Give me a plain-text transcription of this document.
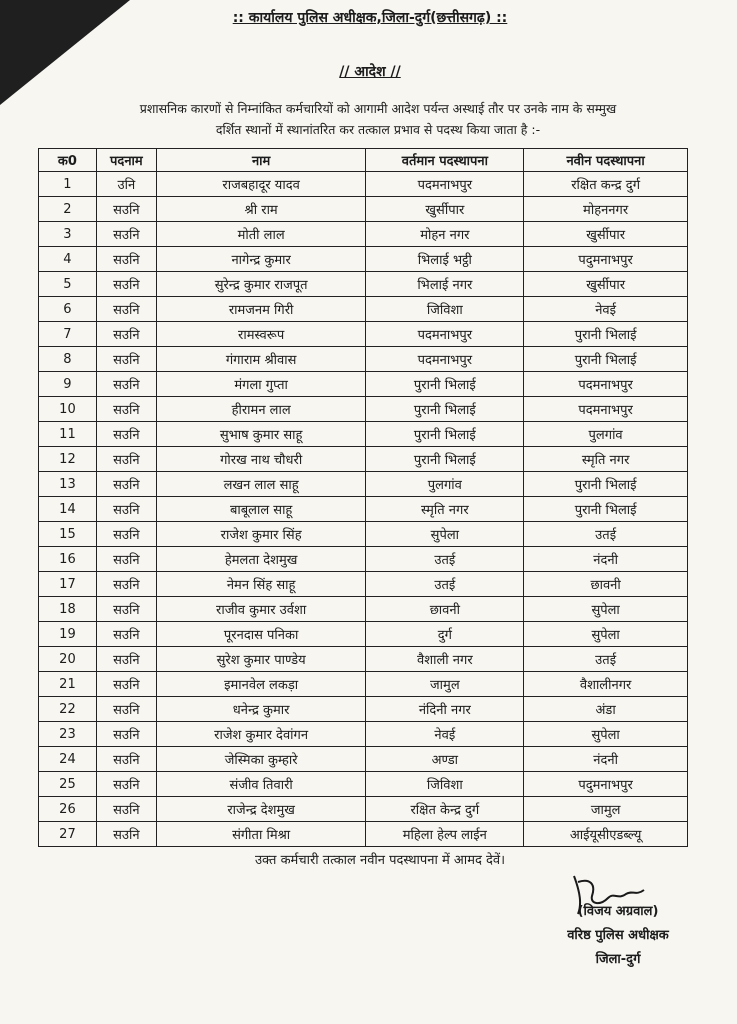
:: कार्यालय पुलिस अधीक्षक,जिला-दुर्ग(छत्तीसगढ़) ::
// आदेश //
प्रशासनिक कारणों से निम्नांकित कर्मचारियों को आगामी आदेश पर्यन्त अस्थाई तौर पर उनके नाम के सम्मुख
दर्शित स्थानों में स्थानांतरित कर तत्काल प्रभाव से पदस्थ किया जाता है :-
क0	पदनाम	नाम	वर्तमान पदस्थापना	नवीन पदस्थापना
1	उनि	राजबहादूर यादव	पदमनाभपुर	रक्षित कन्द्र दुर्ग
2	सउनि	श्री राम	खुर्सीपार	मोहननगर
3	सउनि	मोती लाल	मोहन नगर	खुर्सीपार
4	सउनि	नागेन्द्र कुमार	भिलाई भट्ठी	पदुमनाभपुर
5	सउनि	सुरेन्द्र कुमार राजपूत	भिलाई नगर	खुर्सीपार
6	सउनि	रामजनम गिरी	जिविशा	नेवई
7	सउनि	रामस्वरूप	पदमनाभपुर	पुरानी भिलाई
8	सउनि	गंगाराम श्रीवास	पदमनाभपुर	पुरानी भिलाई
9	सउनि	मंगला गुप्ता	पुरानी भिलाई	पदमनाभपुर
10	सउनि	हीरामन लाल	पुरानी भिलाई	पदमनाभपुर
11	सउनि	सुभाष कुमार साहू	पुरानी भिलाई	पुलगांव
12	सउनि	गोरख नाथ चौधरी	पुरानी भिलाई	स्मृति नगर
13	सउनि	लखन लाल साहू	पुलगांव	पुरानी भिलाई
14	सउनि	बाबूलाल साहू	स्मृति नगर	पुरानी भिलाई
15	सउनि	राजेश कुमार सिंह	सुपेला	उतई
16	सउनि	हेमलता देशमुख	उतई	नंदनी
17	सउनि	नेमन सिंह साहू	उतई	छावनी
18	सउनि	राजीव कुमार उर्वशा	छावनी	सुपेला
19	सउनि	पूरनदास पनिका	दुर्ग	सुपेला
20	सउनि	सुरेश कुमार पाण्डेय	वैशाली नगर	उतई
21	सउनि	इमानवेल लकड़ा	जामुल	वैशालीनगर
22	सउनि	धनेन्द्र कुमार	नंदिनी नगर	अंडा
23	सउनि	राजेश कुमार देवांगन	नेवई	सुपेला
24	सउनि	जेस्मिका कुम्हारे	अण्डा	नंदनी
25	सउनि	संजीव तिवारी	जिविशा	पदुमनाभपुर
26	सउनि	राजेन्द्र देशमुख	रक्षित केन्द्र दुर्ग	जामुल
27	सउनि	संगीता मिश्रा	महिला हेल्प लाईन	आईयूसीएडब्ल्यू
उक्त कर्मचारी तत्काल नवीन पदस्थापना में आमद देवें।
(विजय अग्रवाल)
वरिष्ठ पुलिस अधीक्षक
जिला-दुर्ग
